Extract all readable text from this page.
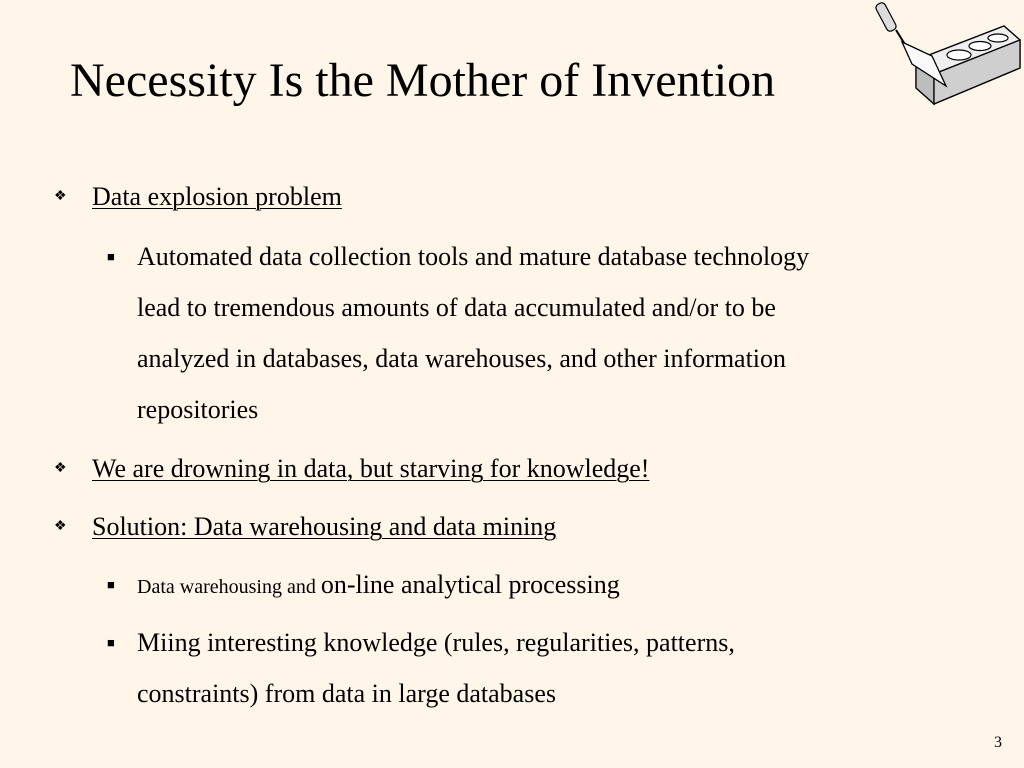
Necessity Is the Mother of Invention
❖ Data explosion problem
■ Automated data collection tools and mature database technology
lead to tremendous amounts of data accumulated and/or to be
analyzed in databases, data warehouses, and other information
repositories
❖ We are drowning in data, but starving for knowledge!
❖ Solution: Data warehousing and data mining
■ Data warehousing and on-line analytical processing
■ Miing interesting knowledge (rules, regularities, patterns,
constraints) from data in large databases
3
